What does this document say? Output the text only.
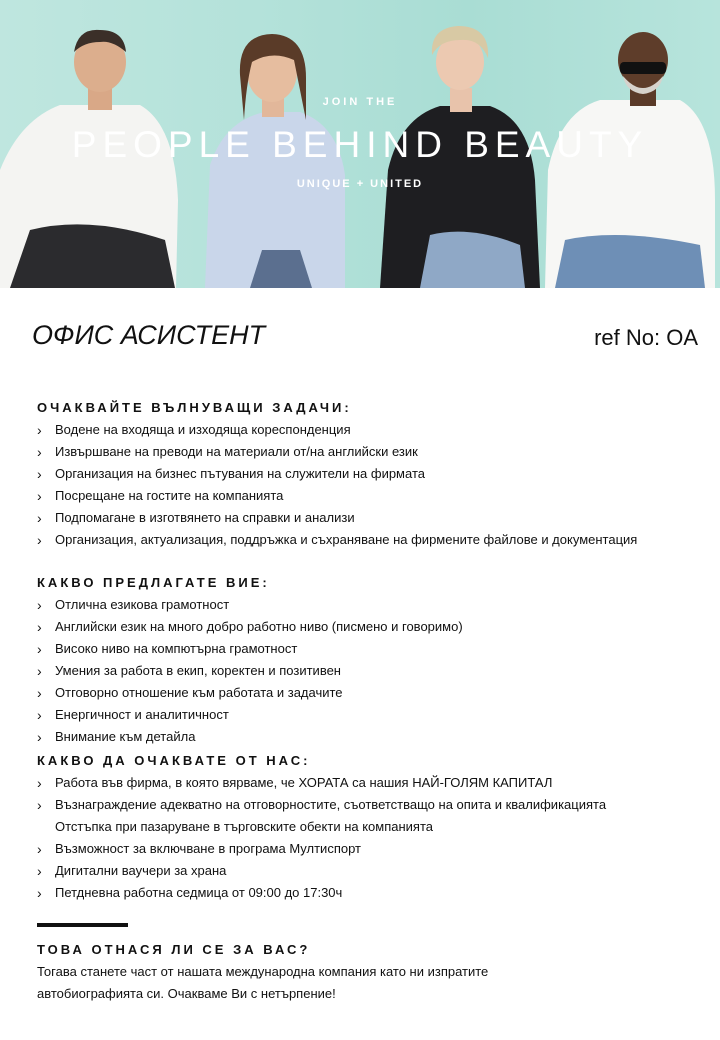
JOIN THE
PEOPLE BEHIND BEAUTY
UNIQUE + UNITED
ОФИС АСИСТЕНТ	ref No: OA
ОЧАКВАЙТЕ ВЪЛНУВАЩИ ЗАДАЧИ:
› Водене на входяща и изходяща кореспонденция
› Извършване на преводи на материали от/на английски език
› Организация на бизнес пътувания на служители на фирмата
› Посрещане на гостите на компанията
› Подпомагане в изготвянето на справки и анализи
› Организация, актуализация, поддръжка и съхраняване на фирмените файлове и документация
КАКВО ПРЕДЛАГАТЕ ВИЕ:
› Отлична езикова грамотност
› Английски език на много добро работно ниво (писмено и говоримо)
› Високо ниво на компютърна грамотност
› Умения за работа в екип, коректен и позитивен
› Отговорно отношение към работата и задачите
› Енергичност и аналитичност
› Внимание към детайла
КАКВО ДА ОЧАКВАТЕ ОТ НАС:
› Работа във фирма, в която вярваме, че ХОРАТА са нашия НАЙ-ГОЛЯМ КАПИТАЛ
› Възнаграждение адекватно на отговорностите, съответстващо на опита и квалификацията
Отстъпка при пазаруване в търговските обекти на компанията
› Възможност за включване в програма Мултиспорт
› Дигитални ваучери за храна
› Петдневна работна седмица от 09:00 до 17:30ч
ТОВА ОТНАСЯ ЛИ СЕ ЗА ВАС?

Тогава станете част от нашата международна компания като ни изпратите

автобиографията си. Очакваме Ви с нетърпение!
